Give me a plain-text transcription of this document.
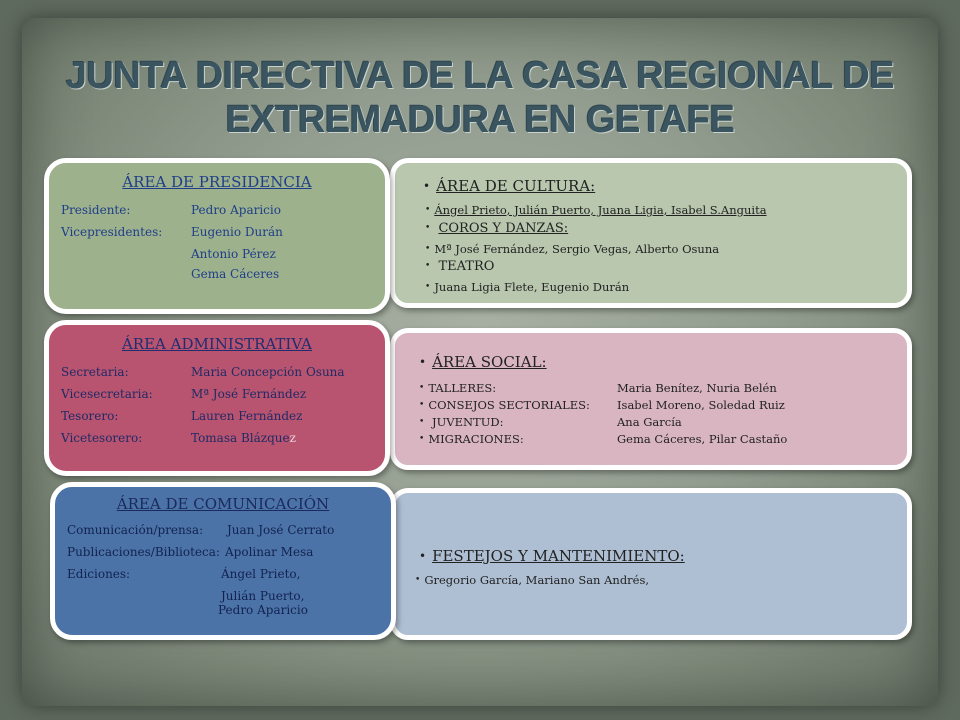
JUNTA DIRECTIVA DE LA CASA REGIONAL DE
EXTREMADURA EN GETAFE
• ÁREA DE CULTURA:
• Ángel Prieto, Julián Puerto, Juana Ligia, Isabel S.Anguita
• COROS Y DANZAS:
• Mª José Fernández, Sergio Vegas, Alberto Osuna
• TEATRO
• Juana Ligia Flete, Eugenio Durán
• ÁREA SOCIAL:
• TALLERES:	Maria Benítez, Nuria Belén
• CONSEJOS SECTORIALES: Isabel Moreno, Soledad Ruiz
• JUVENTUD:	Ana García
• MIGRACIONES:	Gema Cáceres, Pilar Castaño
• FESTEJOS Y MANTENIMIENTO:
• Gregorio García, Mariano San Andrés,
ÁREA DE PRESIDENCIA
Presidente:	Pedro Aparicio
Vicepresidentes: Eugenio Durán
Antonio Pérez
Gema Cáceres
ÁREA ADMINISTRATIVA
Secretaria:	Maria Concepción Osuna
Vicesecretaria:	Mª José Fernández
Tesorero:	Lauren Fernández
Vicetesorero:	Tomasa Blázquez
ÁREA DE COMUNICACIÓN
Comunicación/prensa: Juan José Cerrato
Publicaciones/Biblioteca: Apolinar Mesa
Ediciones:	Ángel Prieto,
Julián Puerto,
Pedro Aparicio
